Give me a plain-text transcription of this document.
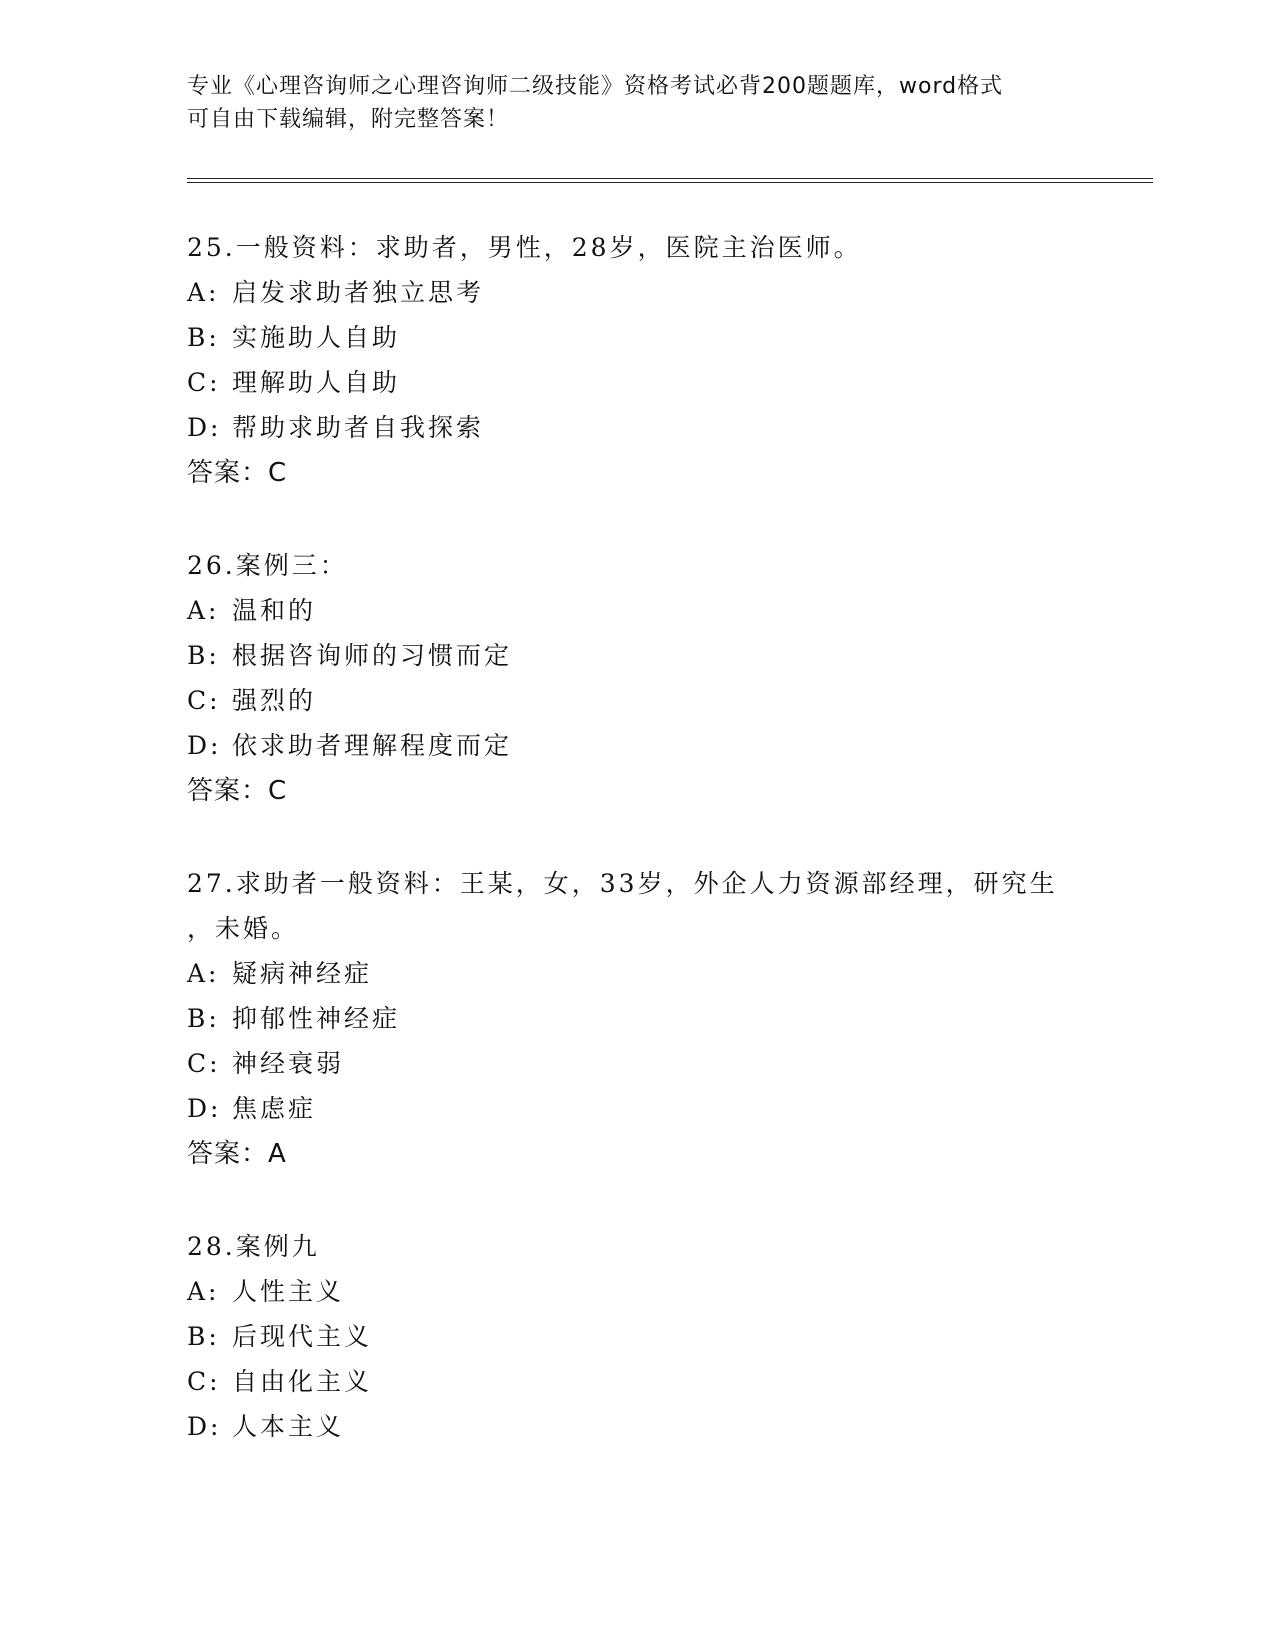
专业《心理咨询师之心理咨询师二级技能》资格考试必背200题题库，word格式
可自由下载编辑，附完整答案！
25.一般资料：求助者，男性，28岁，医院主治医师。
A: 启发求助者独立思考
B: 实施助人自助
C: 理解助人自助
D: 帮助求助者自我探索
答案：C
26.案例三：
A: 温和的
B: 根据咨询师的习惯而定
C: 强烈的
D: 依求助者理解程度而定
答案：C
27.求助者一般资料：王某，女，33岁，外企人力资源部经理，研究生
，未婚。
A: 疑病神经症
B: 抑郁性神经症
C: 神经衰弱
D: 焦虑症
答案：A
28.案例九
A: 人性主义
B: 后现代主义
C: 自由化主义
D: 人本主义
